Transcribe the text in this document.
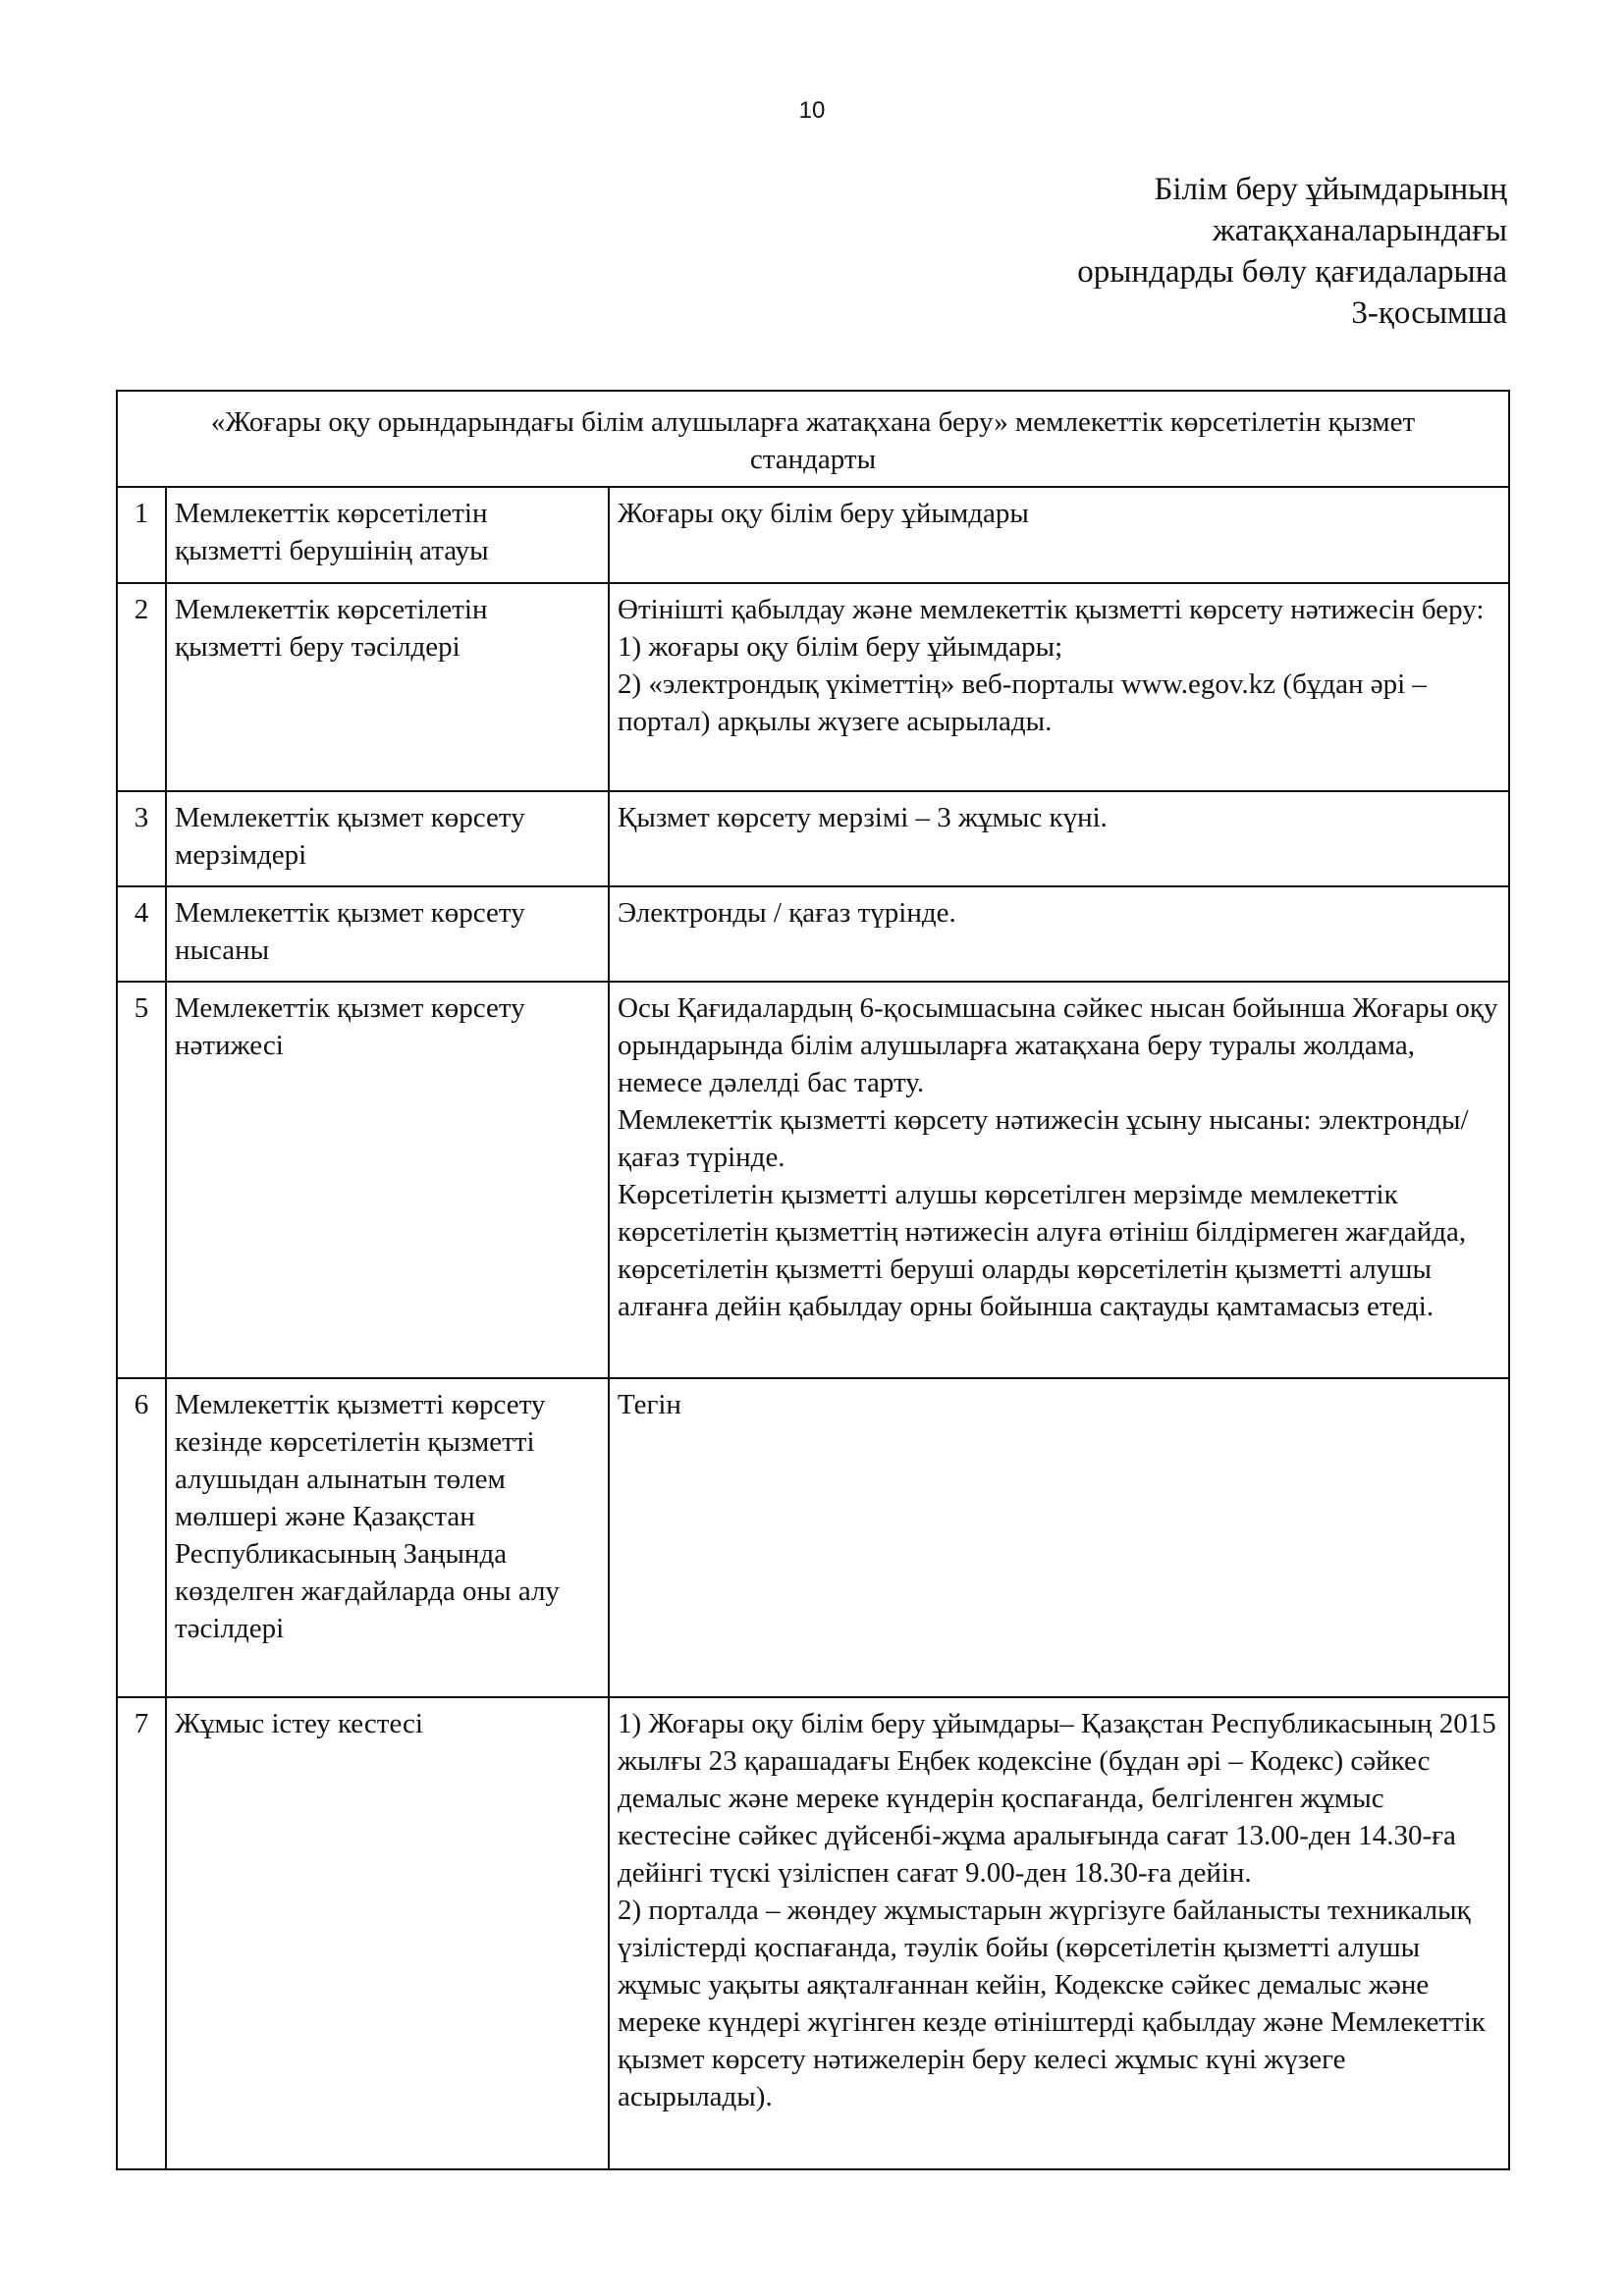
10
Білім беру ұйымдарының
жатақханаларындағы
орындарды бөлу қағидаларына
3-қосымша
«Жоғары оқу орындарындағы білім алушыларға жатақхана беру» мемлекеттік көрсетілетін қызмет стандарты		
1	Мемлекеттік көрсетілетін қызметті берушінің атауы	Жоғары оқу білім беру ұйымдары

2	Мемлекеттік көрсетілетін қызметті беру тәсілдері	Өтінішті қабылдау және мемлекеттік қызметті көрсету нәтижесін беру:
1) жоғары оқу білім беру ұйымдары;
2) «электрондық үкіметтің» веб-порталы www.egov.kz (бұдан әрі – портал) арқылы жүзеге асырылады.

3	Мемлекеттік қызмет көрсету мерзімдері	Қызмет көрсету мерзімі – 3 жұмыс күні.

4	Мемлекеттік қызмет көрсету нысаны	Электронды / қағаз түрінде.

5	Мемлекеттік қызмет көрсету нәтижесі	Осы Қағидалардың 6-қосымшасына сәйкес нысан бойынша Жоғары оқу орындарында білім алушыларға жатақхана беру туралы жолдама, немесе дәлелді бас тарту.
Мемлекеттік қызметті көрсету нәтижесін ұсыну нысаны: электронды/қағаз түрінде.
Көрсетілетін қызметті алушы көрсетілген мерзімде мемлекеттік көрсетілетін қызметтің нәтижесін алуға өтініш білдірмеген жағдайда, көрсетілетін қызметті беруші оларды көрсетілетін қызметті алушы алғанға дейін қабылдау орны бойынша сақтауды қамтамасыз етеді.

6	Мемлекеттік қызметті көрсету кезінде көрсетілетін қызметті алушыдан алынатын төлем мөлшері және Қазақстан Республикасының Заңында көзделген жағдайларда оны алу тәсілдері	Тегін

7	Жұмыс істеу кестесі	1) Жоғары оқу білім беру ұйымдары– Қазақстан Республикасының 2015 жылғы 23 қарашадағы Еңбек кодексіне (бұдан әрі – Кодекс) сәйкес демалыс және мереке күндерін қоспағанда, белгіленген жұмыс кестесіне сәйкес дүйсенбі-жұма аралығында сағат 13.00-ден 14.30-ға дейінгі түскі үзіліспен сағат 9.00-ден 18.30-ға дейін.
2) порталда – жөндеу жұмыстарын жүргізуге байланысты техникалық үзілістерді қоспағанда, тәулік бойы (көрсетілетін қызметті алушы жұмыс уақыты аяқталғаннан кейін, Кодекске сәйкес демалыс және мереке күндері жүгінген кезде өтініштерді қабылдау және Мемлекеттік қызмет көрсету нәтижелерін беру келесі жұмыс күні жүзеге асырылады).
